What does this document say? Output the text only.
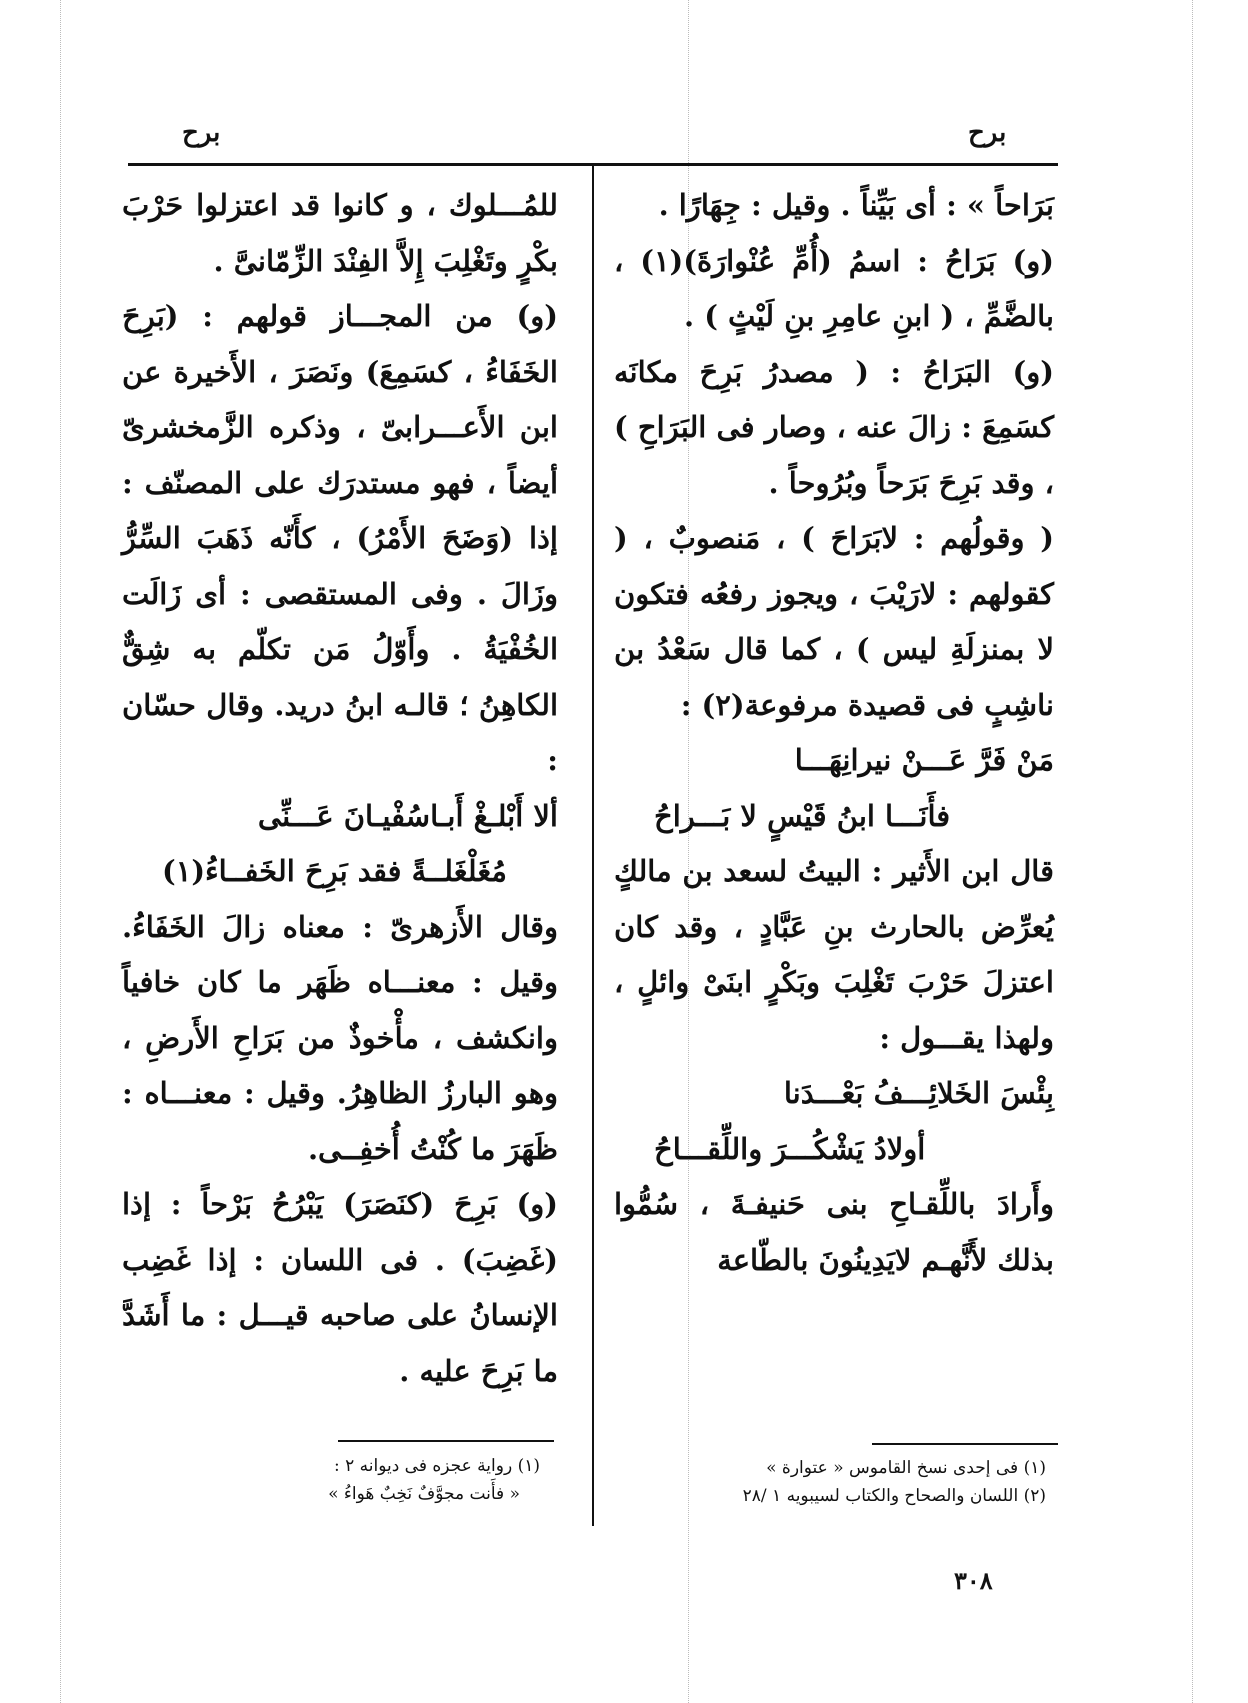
برح
برح

بَرَاحاً » : أى بَيِّناً . وقيل : جِهَارًا .

(و) بَرَاحُ : اسمُ (أُمِّ عُنْوارَةَ)(١) ، بالضَّمِّ ، ( ابنِ عامِرِ بنِ لَيْثٍ ) .

(و) البَرَاحُ : ( مصدرُ بَرِحَ مكانَه كسَمِعَ : زالَ عنه ، وصار فى البَرَاحِ ) ، وقد بَرِحَ بَرَحاً وبُرُوحاً .

( وقولُهم : لابَرَاحَ ) ، مَنصوبٌ ، ( كقولهم : لارَيْبَ ، ويجوز رفعُه فتكون لا بمنزلَةِ ليس ) ، كما قال سَعْدُ بن ناشِبٍ فى قصيدة مرفوعة(٢) :

مَنْ فَرَّ عَـــنْ نيرانِهَـــا

فأَنَـــا ابنُ قَيْسٍ لا بَـــراحُ

قال ابن الأَثير : البيتُ لسعد بن مالكٍ يُعرِّض بالحارث بنِ عَبَّادٍ ، وقد كان اعتزلَ حَرْبَ تَغْلِبَ وبَكْرٍ ابنَىْ وائلٍ ، ولهذا يقـــول :

بِئْسَ الخَلائِـــفُ بَعْـــدَنا

أولادُ يَشْكُـــرَ واللِّقـــاحُ

وأَرادَ باللِّقـاحِ بنى حَنيفـةَ ، سُمُّوا بذلك لأَنَّهـم لايَدِينُونَ بالطّاعة

للمُـــلوك ، و كانوا قد اعتزلوا حَرْبَ بكْرٍ وتَغْلِبَ إِلاَّ الفِنْدَ الزِّمّانىَّ .

(و) من المجـــاز قولهم : (بَرِحَ الخَفَاءُ ، كسَمِعَ) ونَصَرَ ، الأَخيرة عن ابن الأَعـــرابىّ ، وذكره الزَّمخشرىّ أيضاً ، فهو مستدرَك على المصنّف : إذا (وَضَحَ الأَمْرُ) ، كأَنّه ذَهَبَ السِّرُّ وزَالَ . وفى المستقصى : أى زَالَت الخُفْيَةُ . وأَوّلُ مَن تكلّم به شِقٌّ الكاهِنُ ؛ قالـه ابنُ دريد. وقال حسّان :

ألا أَبْلـغْ أَبـاسُفْيـانَ عَـــنِّى

مُغَلْغَلــةً فقد بَرِحَ الخَفــاءُ(١)

وقال الأَزهرىّ : معناه زالَ الخَفَاءُ. وقيل : معنـــاه ظَهَر ما كان خافياً وانكشف ، مأْخوذٌ من بَرَاحِ الأَرضِ ، وهو البارزُ الظاهِرُ. وقيل : معنـــاه : ظَهَرَ ما كُنْتُ أُخفِــى.

(و) بَرِحَ (كنَصَرَ) يَبْرُحُ بَرْحاً : إذا (غَضِبَ) . فى اللسان : إذا غَضِب الإنسانُ على صاحبه قيـــل : ما أَشَدَّ ما بَرِحَ عليه .

(١) فى إحدى نسخ القاموس « عتوارة »

(٢) اللسان والصحاح والكتاب لسيبويه ١ /٢٨

(١) رواية عجزه فى ديوانه ٢ :

« فأَنت مجوَّفٌ نَخِبٌ هَواءُ »

٣٠٨
